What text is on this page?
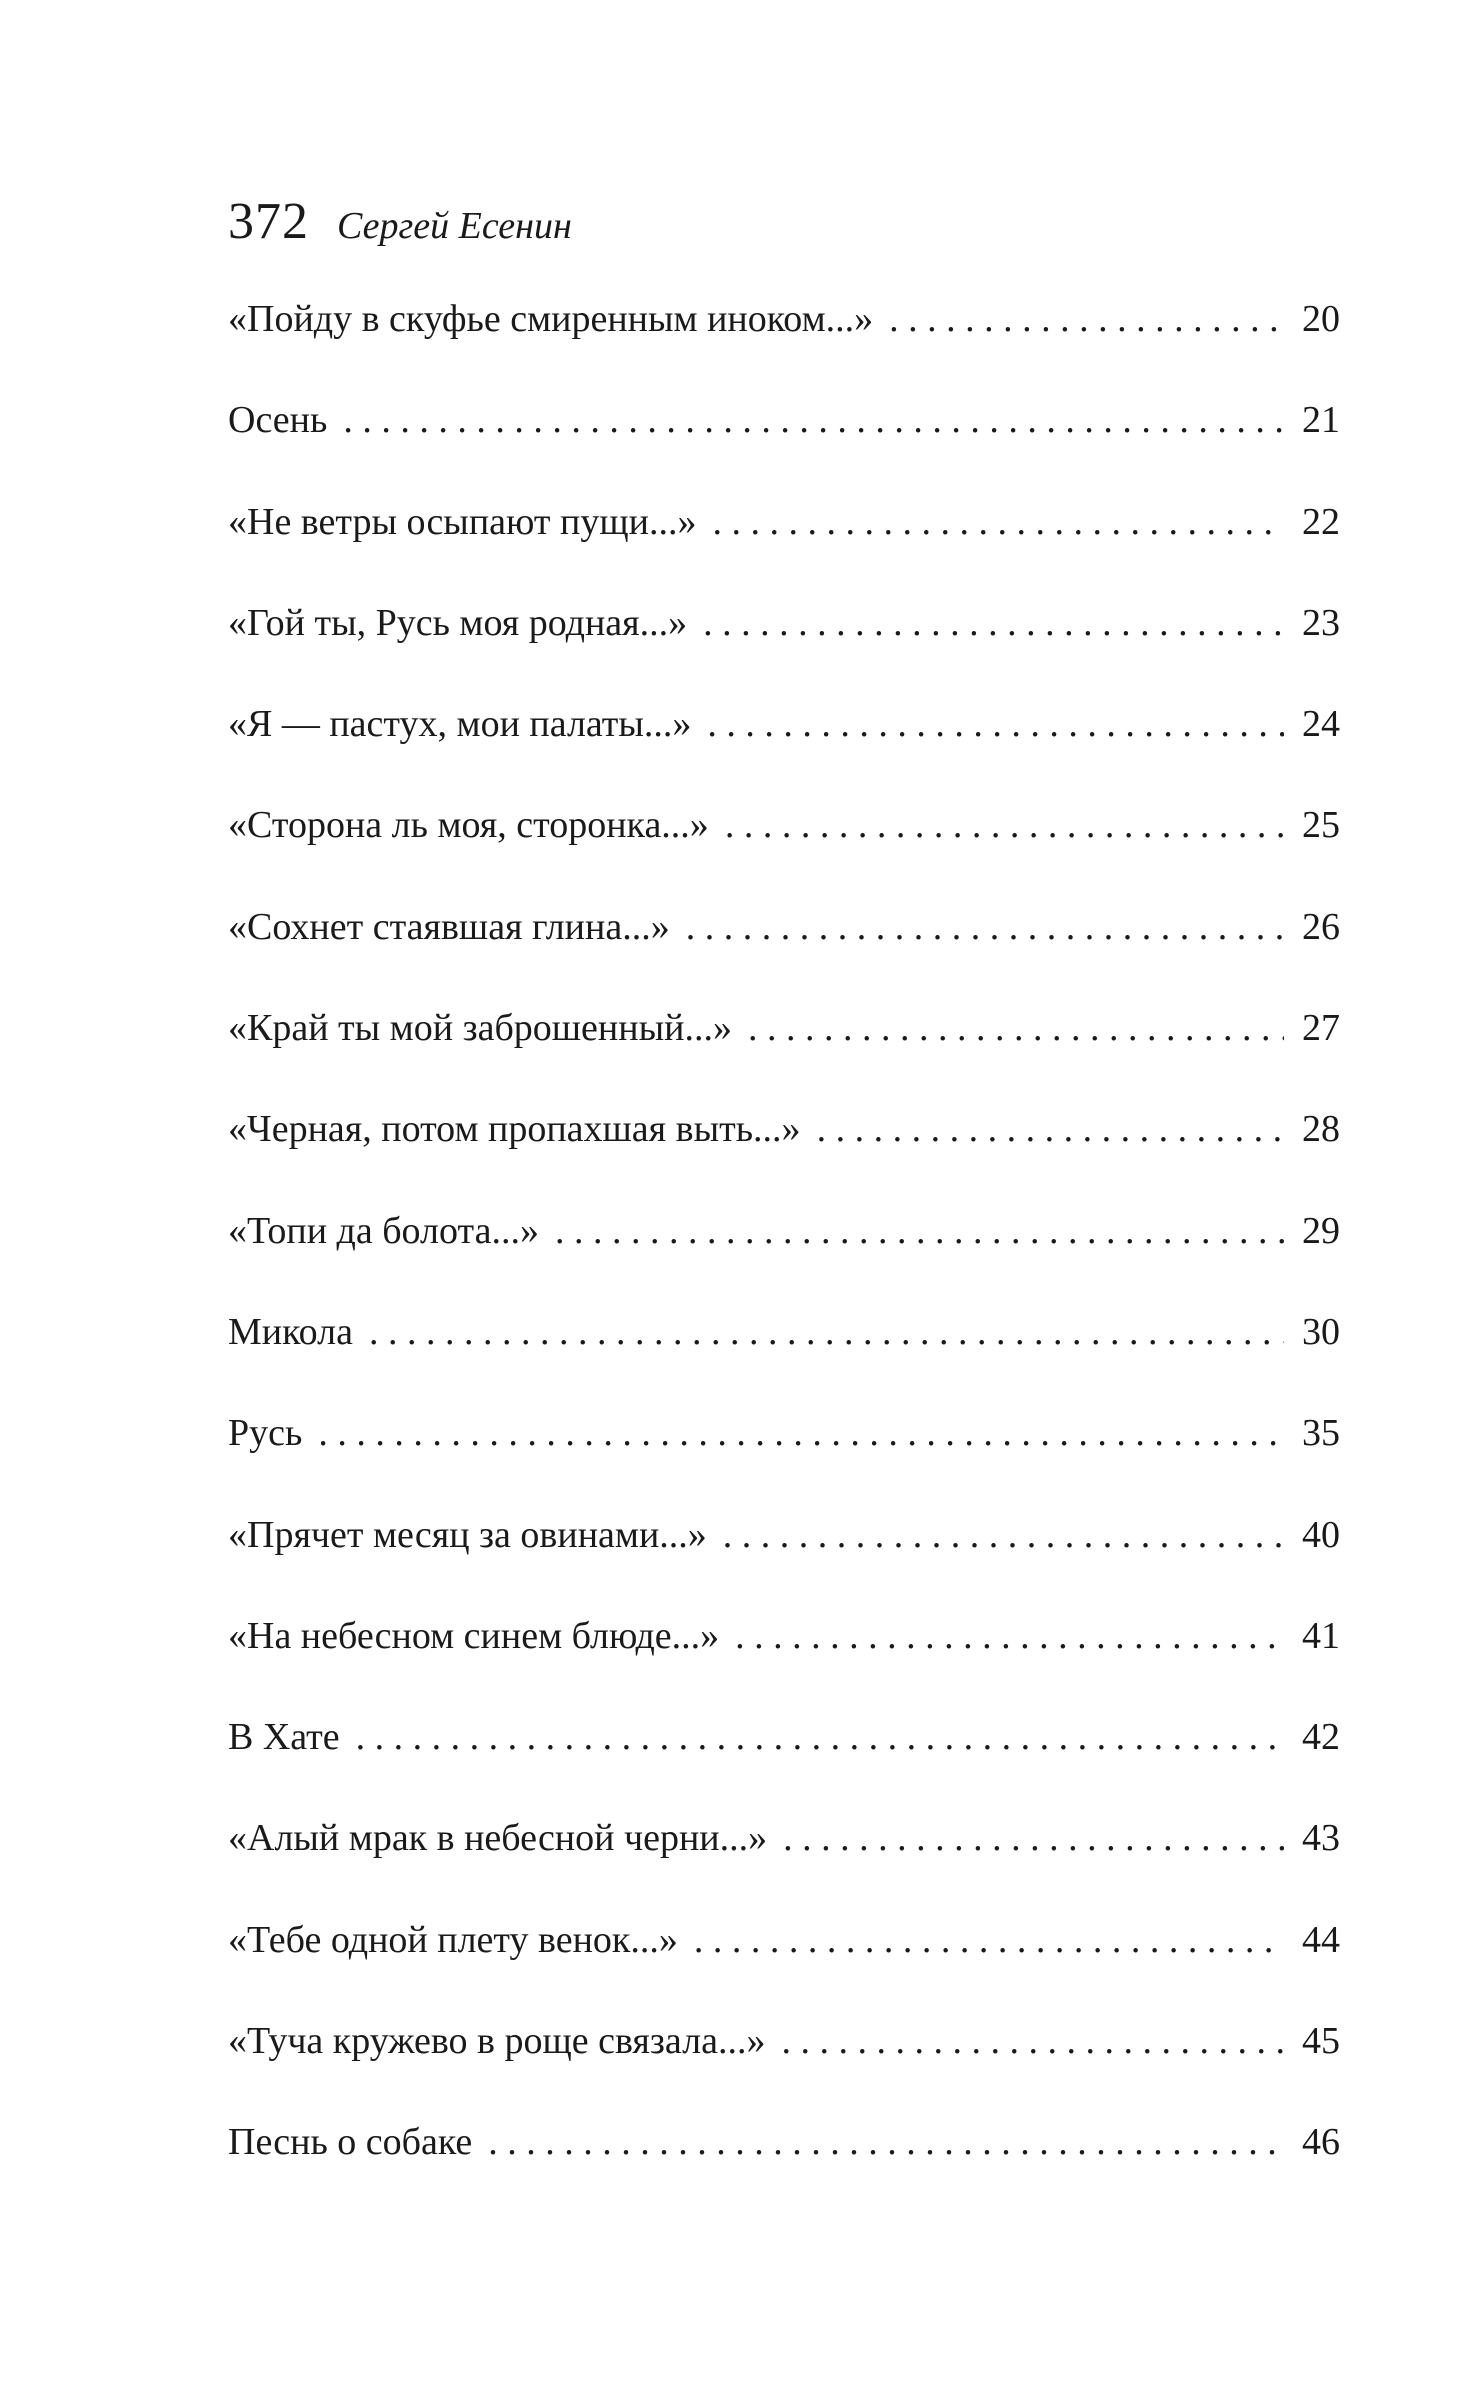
372 Сергей Есенин
«Пойду в скуфье смиренным иноком...» . . .	20
Осень . . .	21
«Не ветры осыпают пущи...» . . .	22
«Гой ты, Русь моя родная...» . . .	23
«Я — пастух, мои палаты...» . . .	24
«Сторона ль моя, сторонка...» . . .	25
«Сохнет стаявшая глина...» . . .	26
«Край ты мой заброшенный...» . . .	27
«Черная, потом пропахшая выть...» . . .	28
«Топи да болота...» . . .	29
Микола . . .	30
Русь . . .	35
«Прячет месяц за овинами...» . . .	40
«На небесном синем блюде...» . . .	41
В Хате . . .	42
«Алый мрак в небесной черни...» . . .	43
«Тебе одной плету венок...» . . .	44
«Туча кружево в роще связала...» . . .	45
Песнь о собаке . . .	46
